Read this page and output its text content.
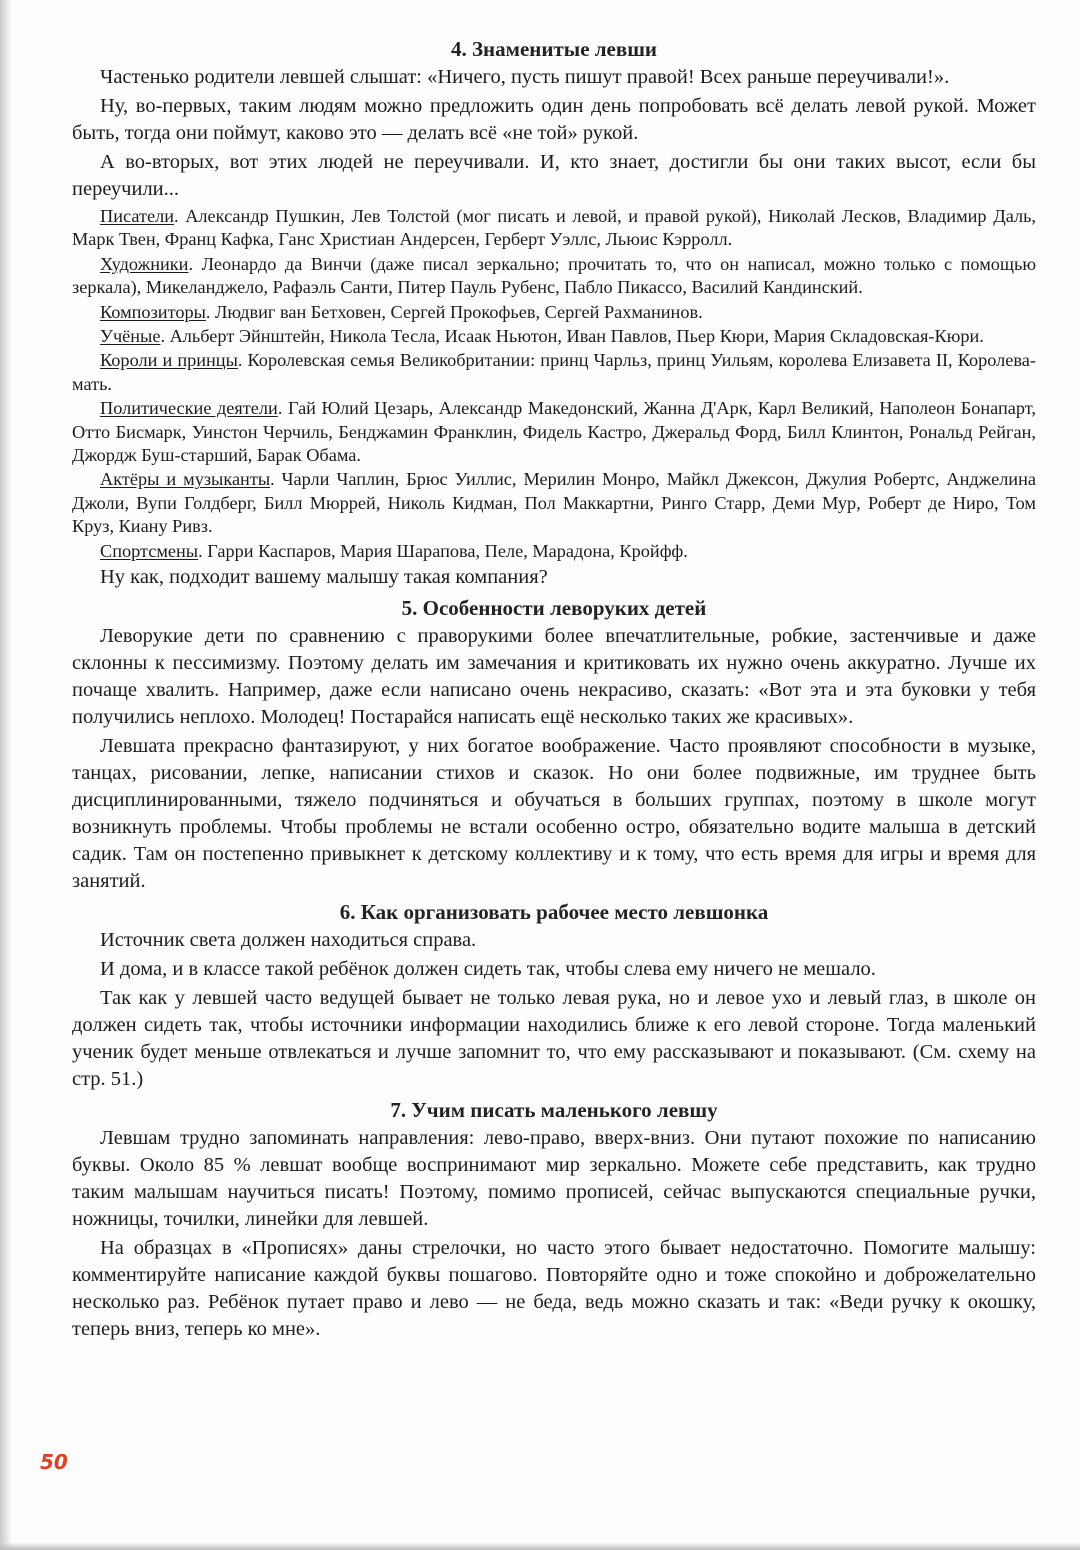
4. Знаменитые левши

Частенько родители левшей слышат: «Ничего, пусть пишут правой! Всех раньше переучивали!».

Ну, во-первых, таким людям можно предложить один день попробовать всё делать левой рукой. Может быть, тогда они поймут, каково это — делать всё «не той» рукой.

А во-вторых, вот этих людей не переучивали. И, кто знает, достигли бы они таких высот, если бы переучили...

Писатели. Александр Пушкин, Лев Толстой (мог писать и левой, и правой рукой), Николай Лесков, Владимир Даль, Марк Твен, Франц Кафка, Ганс Христиан Андерсен, Герберт Уэллс, Льюис Кэрролл.

Художники. Леонардо да Винчи (даже писал зеркально; прочитать то, что он написал, можно только с помощью зеркала), Микеланджело, Рафаэль Санти, Питер Пауль Рубенс, Пабло Пикассо, Василий Кандинский.

Композиторы. Людвиг ван Бетховен, Сергей Прокофьев, Сергей Рахманинов.

Учёные. Альберт Эйнштейн, Никола Тесла, Исаак Ньютон, Иван Павлов, Пьер Кюри, Мария Складовская-Кюри.

Короли и принцы. Королевская семья Великобритании: принц Чарльз, принц Уильям, королева Елизавета II, Королева-мать.

Политические деятели. Гай Юлий Цезарь, Александр Македонский, Жанна Д'Арк, Карл Великий, Наполеон Бонапарт, Отто Бисмарк, Уинстон Черчиль, Бенджамин Франклин, Фидель Кастро, Джеральд Форд, Билл Клинтон, Рональд Рейган, Джордж Буш-старший, Барак Обама.

Актёры и музыканты. Чарли Чаплин, Брюс Уиллис, Мерилин Монро, Майкл Джексон, Джулия Робертс, Анджелина Джоли, Вупи Голдберг, Билл Мюррей, Николь Кидман, Пол Маккартни, Ринго Старр, Деми Мур, Роберт де Ниро, Том Круз, Киану Ривз.

Спортсмены. Гарри Каспаров, Мария Шарапова, Пеле, Марадона, Кройфф.

Ну как, подходит вашему малышу такая компания?

5. Особенности леворуких детей

Леворукие дети по сравнению с праворукими более впечатлительные, робкие, застенчивые и даже склонны к пессимизму. Поэтому делать им замечания и критиковать их нужно очень аккуратно. Лучше их почаще хвалить. Например, даже если написано очень некрасиво, сказать: «Вот эта и эта буковки у тебя получились неплохо. Молодец! Постарайся написать ещё несколько таких же красивых».

Левшата прекрасно фантазируют, у них богатое воображение. Часто проявляют способности в музыке, танцах, рисовании, лепке, написании стихов и сказок. Но они более подвижные, им труднее быть дисциплинированными, тяжело подчиняться и обучаться в больших группах, поэтому в школе могут возникнуть проблемы. Чтобы проблемы не встали особенно остро, обязательно водите малыша в детский садик. Там он постепенно привыкнет к детскому коллективу и к тому, что есть время для игры и время для занятий.

6. Как организовать рабочее место левшонка

Источник света должен находиться справа.

И дома, и в классе такой ребёнок должен сидеть так, чтобы слева ему ничего не мешало.

Так как у левшей часто ведущей бывает не только левая рука, но и левое ухо и левый глаз, в школе он должен сидеть так, чтобы источники информации находились ближе к его левой стороне. Тогда маленький ученик будет меньше отвлекаться и лучше запомнит то, что ему рассказывают и показывают. (См. схему на стр. 51.)

7. Учим писать маленького левшу

Левшам трудно запоминать направления: лево-право, вверх-вниз. Они путают похожие по написанию буквы. Около 85 % левшат вообще воспринимают мир зеркально. Можете себе представить, как трудно таким малышам научиться писать! Поэтому, помимо прописей, сейчас выпускаются специальные ручки, ножницы, точилки, линейки для левшей.

На образцах в «Прописях» даны стрелочки, но часто этого бывает недостаточно. Помогите малышу: комментируйте написание каждой буквы пошагово. Повторяйте одно и тоже спокойно и доброжелательно несколько раз. Ребёнок путает право и лево — не беда, ведь можно сказать и так: «Веди ручку к окошку, теперь вниз, теперь ко мне».

50
